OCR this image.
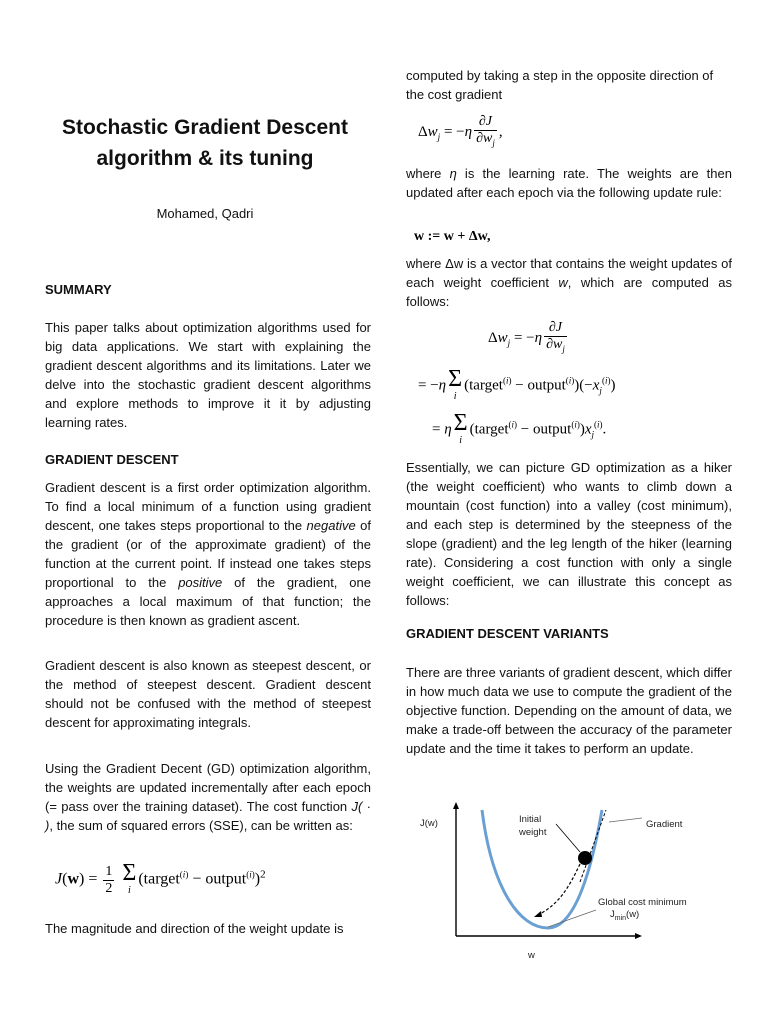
Stochastic Gradient Descent
algorithm & its tuning
Mohamed, Qadri
SUMMARY
This paper talks about optimization algorithms used for big data applications. We start with explaining the gradient descent algorithms and its limitations. Later we delve into the stochastic gradient descent algorithms and explore methods to improve it it by adjusting learning rates.
GRADIENT DESCENT
Gradient descent is a first order optimization algorithm. To find a local minimum of a function using gradient descent, one takes steps proportional to the negative of the gradient (or of the approximate gradient) of the function at the current point. If instead one takes steps proportional to the positive of the gradient, one approaches a local maximum of that function; the procedure is then known as gradient ascent.
Gradient descent is also known as steepest descent, or the method of steepest descent. Gradient descent should not be confused with the method of steepest descent for approximating integrals.
Using the Gradient Decent (GD) optimization algorithm, the weights are updated incrementally after each epoch (= pass over the training dataset). The cost function J( · ), the sum of squared errors (SSE), can be written as:
$J(w) = \frac{1}{2}$
Σ
i
(target$^{(i)}$ − output$^{(i)}$)$^2$
The magnitude and direction of the weight update is
computed by taking a step in the opposite direction of the cost gradient
$\Delta w_j = -\eta \frac{\partial J}{\partial w_j}$ ,
where η is the learning rate. The weights are then updated after each epoch via the following update rule:
w := w + Δw,
where Δw is a vector that contains the weight updates of each weight coefficient w, which are computed as follows:
$\Delta w_j = -\eta \frac{\partial J}{\partial w_j}$
= −η Σ
i
(target$^{(i)}$ − $output^{(i)})(-x_j^{(i)})$
= η Σ
i
(target$^{(i)}$ − $output^{(i)})x_j^{(i)}$.
Essentially, we can picture GD optimization as a hiker (the weight coefficient) who wants to climb down a mountain (cost function) into a valley (cost minimum), and each step is determined by the steepness of the slope (gradient) and the leg length of the hiker (learning rate). Considering a cost function with only a single weight coefficient, we can illustrate this concept as follows:
GRADIENT DESCENT VARIANTS
There are three variants of gradient descent, which differ in how much data we use to compute the gradient of the objective function. Depending on the amount of data, we make a trade-off between the accuracy of the parameter update and the time it takes to perform an update.
J(w)
w
Initial
weight
Gradient
Global cost minimum
$J_{min}(w)$
